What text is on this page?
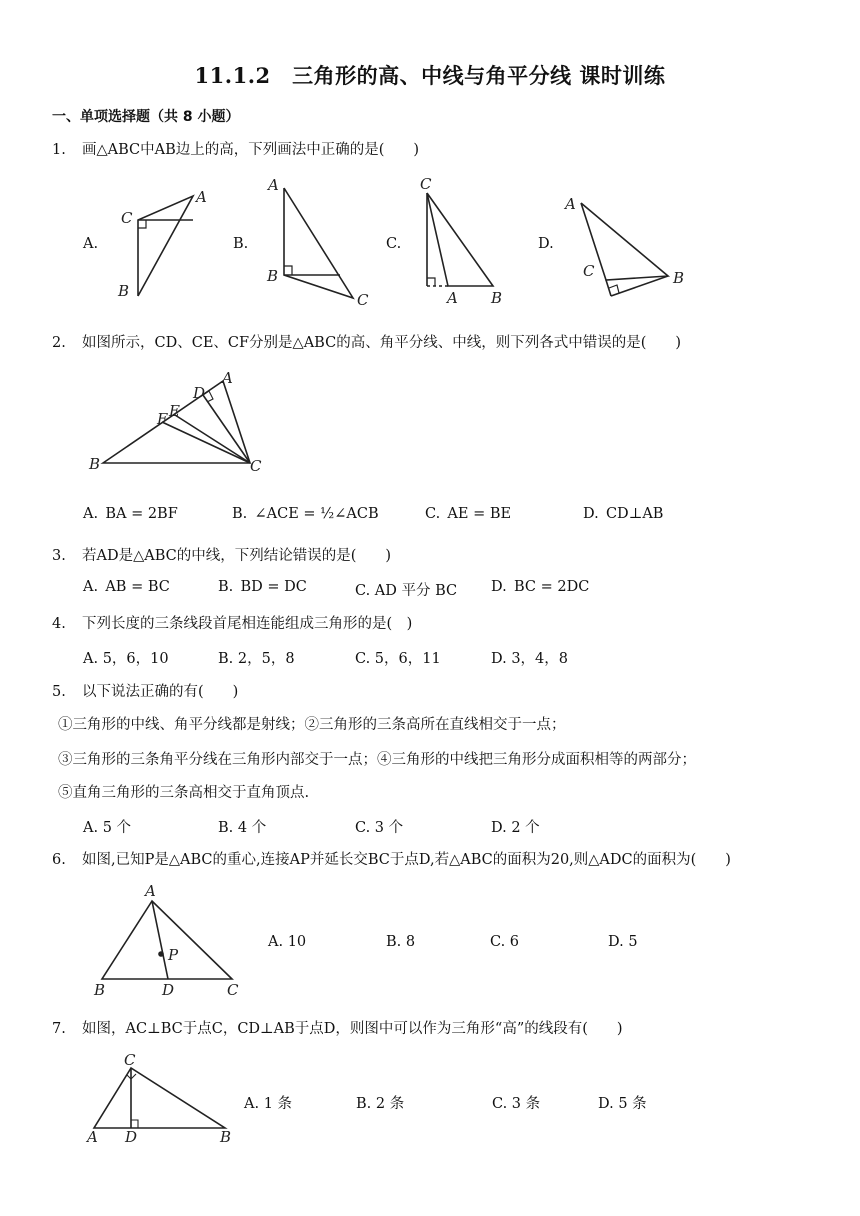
11.1.2　三角形的高、中线与角平分线 课时训练
一、单项选择题（共 8 小题）
1. 画△ABC中AB边上的高，下列画法中正确的是(　　)
A.	B.	C.	D.
A
B
C
A
B
C
C
A B
A
C	B
A
D
E
F
B	C
A
P
B	D	C
C
A D	B
2. 如图所示，CD、CE、CF分别是△ABC的高、角平分线、中线，则下列各式中错误的是(　　)
A. BA = 2BF	B. ∠ACE = ½∠ACB	C. AE = BE	D. CD⊥AB
3. 若AD是△ABC的中线，下列结论错误的是(　　)
A. AB = BC	B. BD = DC	C. AD 平分 BC D. BC = 2DC
4. 下列长度的三条线段首尾相连能组成三角形的是(　)
A. 5，6，10	B. 2，5，8	C. 5，6，11	D. 3，4，8
5. 以下说法正确的有(　　)
①三角形的中线、角平分线都是射线；②三角形的三条高所在直线相交于一点；
③三角形的三条角平分线在三角形内部交于一点；④三角形的中线把三角形分成面积相等的两部分；
⑤直角三角形的三条高相交于直角顶点.
A. 5 个	B. 4 个	C. 3 个	D. 2 个
6. 如图,已知P是△ABC的重心,连接AP并延长交BC于点D,若△ABC的面积为20,则△ADC的面积为(　　)
A. 10	B. 8	C. 6	D. 5
7. 如图，AC⊥BC于点C，CD⊥AB于点D，则图中可以作为三角形“高”的线段有(　　)
A. 1 条	B. 2 条	C. 3 条	D. 5 条
